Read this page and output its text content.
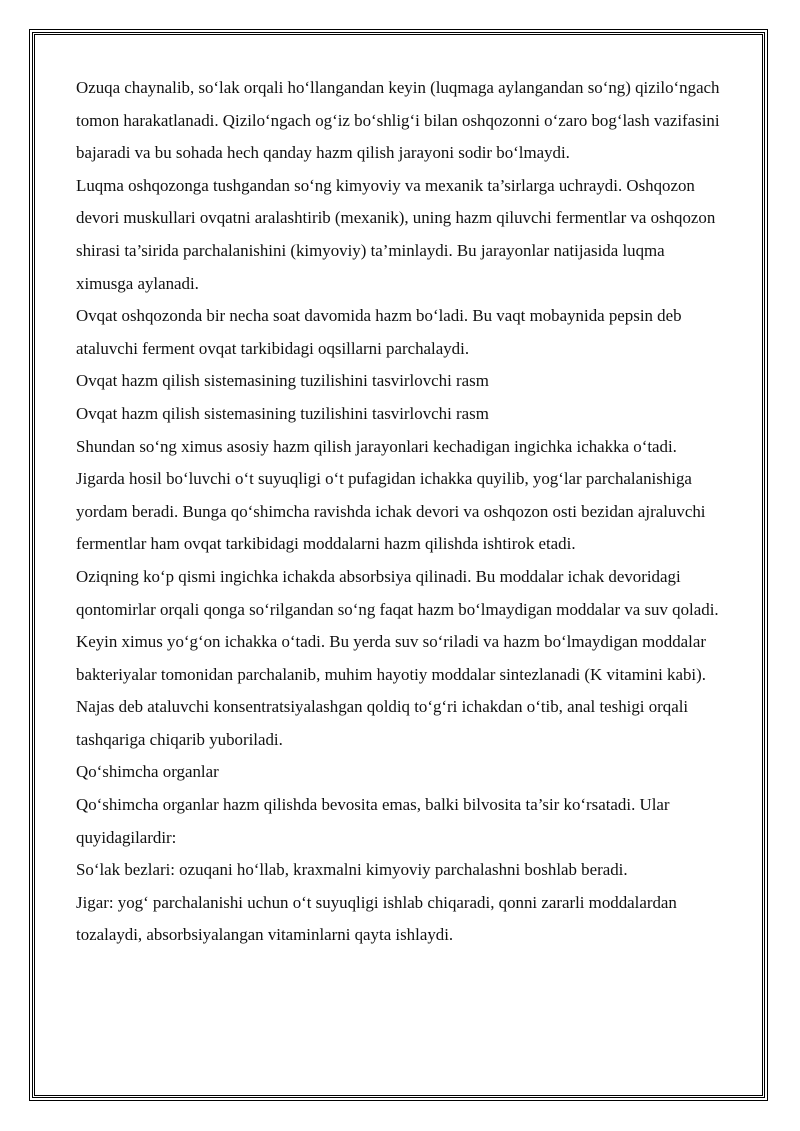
Ozuqa chaynalib, so‘lak orqali ho‘llangandan keyin (luqmaga aylangandan so‘ng) qizilo‘ngach tomon harakatlanadi. Qizilo‘ngach og‘iz bo‘shlig‘i bilan oshqozonni o‘zaro bog‘lash vazifasini bajaradi va bu sohada hech qanday hazm qilish jarayoni sodir bo‘lmaydi.

Luqma oshqozonga tushgandan so‘ng kimyoviy va mexanik ta’sirlarga uchraydi. Oshqozon devori muskullari ovqatni aralashtirib (mexanik), uning hazm qiluvchi fermentlar va oshqozon shirasi ta’sirida parchalanishini (kimyoviy) ta’minlaydi. Bu jarayonlar natijasida luqma ximusga aylanadi.

Ovqat oshqozonda bir necha soat davomida hazm bo‘ladi. Bu vaqt mobaynida pepsin deb ataluvchi ferment ovqat tarkibidagi oqsillarni parchalaydi.

Ovqat hazm qilish sistemasining tuzilishini tasvirlovchi rasm

Ovqat hazm qilish sistemasining tuzilishini tasvirlovchi rasm

Shundan so‘ng ximus asosiy hazm qilish jarayonlari kechadigan ingichka ichakka o‘tadi. Jigarda hosil bo‘luvchi o‘t suyuqligi o‘t pufagidan ichakka quyilib, yog‘lar parchalanishiga yordam beradi. Bunga qo‘shimcha ravishda ichak devori va oshqozon osti bezidan ajraluvchi fermentlar ham ovqat tarkibidagi moddalarni hazm qilishda ishtirok etadi.

Oziqning ko‘p qismi ingichka ichakda absorbsiya qilinadi. Bu moddalar ichak devoridagi qontomirlar orqali qonga so‘rilgandan so‘ng faqat hazm bo‘lmaydigan moddalar va suv qoladi.

Keyin ximus yo‘g‘on ichakka o‘tadi. Bu yerda suv so‘riladi va hazm bo‘lmaydigan moddalar bakteriyalar tomonidan parchalanib, muhim hayotiy moddalar sintezlanadi (K vitamini kabi). Najas deb ataluvchi konsentratsiyalashgan qoldiq to‘g‘ri ichakdan o‘tib, anal teshigi orqali tashqariga chiqarib yuboriladi.

Qo‘shimcha organlar

Qo‘shimcha organlar hazm qilishda bevosita emas, balki bilvosita ta’sir ko‘rsatadi. Ular quyidagilardir:

So‘lak bezlari: ozuqani ho‘llab, kraxmalni kimyoviy parchalashni boshlab beradi.

Jigar: yog‘ parchalanishi uchun o‘t suyuqligi ishlab chiqaradi, qonni zararli moddalardan tozalaydi, absorbsiyalangan vitaminlarni qayta ishlaydi.
